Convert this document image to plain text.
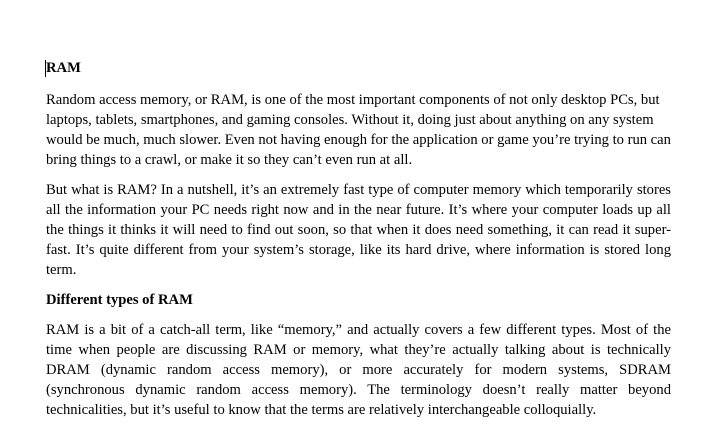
RAM

Random access memory, or RAM, is one of the most important components of not only desktop PCs, but laptops, tablets, smartphones, and gaming consoles. Without it, doing just about anything on any system would be much, much slower. Even not having enough for the application or game you’re trying to run can bring things to a crawl, or make it so they can’t even run at all.

But what is RAM? In a nutshell, it’s an extremely fast type of computer memory which temporarily stores all the information your PC needs right now and in the near future. It’s where your computer loads up all the things it thinks it will need to find out soon, so that when it does need something, it can read it super-fast. It’s quite different from your system’s storage, like its hard drive, where information is stored long term.

Different types of RAM

RAM is a bit of a catch-all term, like “memory,” and actually covers a few different types. Most of the time when people are discussing RAM or memory, what they’re actually talking about is technically DRAM (dynamic random access memory), or more accurately for modern systems, SDRAM (synchronous dynamic random access memory). The terminology doesn’t really matter beyond technicalities, but it’s useful to know that the terms are relatively interchangeable colloquially.
